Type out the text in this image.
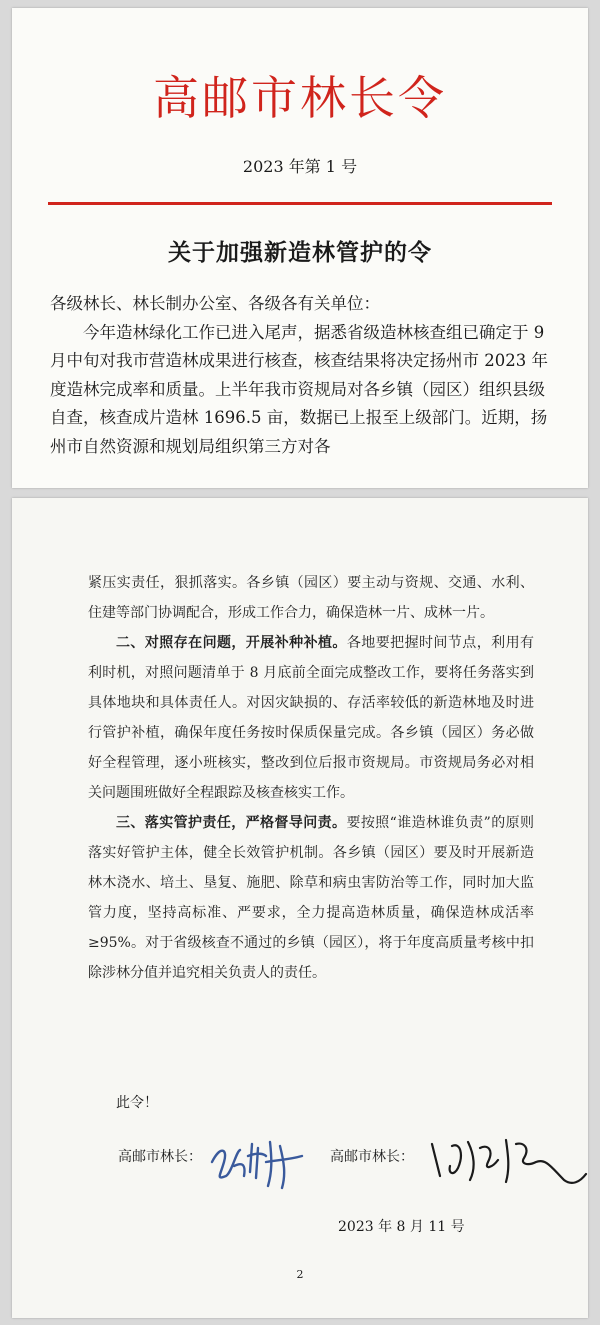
高邮市林长令
2023 年第 1 号
关于加强新造林管护的令

各级林长、林长制办公室、各级各有关单位：

今年造林绿化工作已进入尾声，据悉省级造林核查组已确定于 9 月中旬对我市营造林成果进行核查，核查结果将决定扬州市 2023 年度造林完成率和质量。上半年我市资规局对各乡镇（园区）组织县级自查，核查成片造林 1696.5 亩，数据已上报至上级部门。近期，扬州市自然资源和规划局组织第三方对各

紧压实责任，狠抓落实。各乡镇（园区）要主动与资规、交通、水利、住建等部门协调配合，形成工作合力，确保造林一片、成林一片。

二、对照存在问题，开展补种补植。各地要把握时间节点，利用有利时机，对照问题清单于 8 月底前全面完成整改工作，要将任务落实到具体地块和具体责任人。对因灾缺损的、存活率较低的新造林地及时进行管护补植，确保年度任务按时保质保量完成。各乡镇（园区）务必做好全程管理，逐小班核实，整改到位后报市资规局。市资规局务必对相关问题围班做好全程跟踪及核查核实工作。

三、落实管护责任，严格督导问责。要按照“谁造林谁负责”的原则落实好管护主体，健全长效管护机制。各乡镇（园区）要及时开展新造林木浇水、培土、垦复、施肥、除草和病虫害防治等工作，同时加大监管力度，坚持高标准、严要求，全力提高造林质量，确保造林成活率≥95%。对于省级核查不通过的乡镇（园区），将于年度高质量考核中扣除涉林分值并追究相关负责人的责任。

此令！
高邮市林长：	高邮市林长：
2023 年 8 月 11 号
2
